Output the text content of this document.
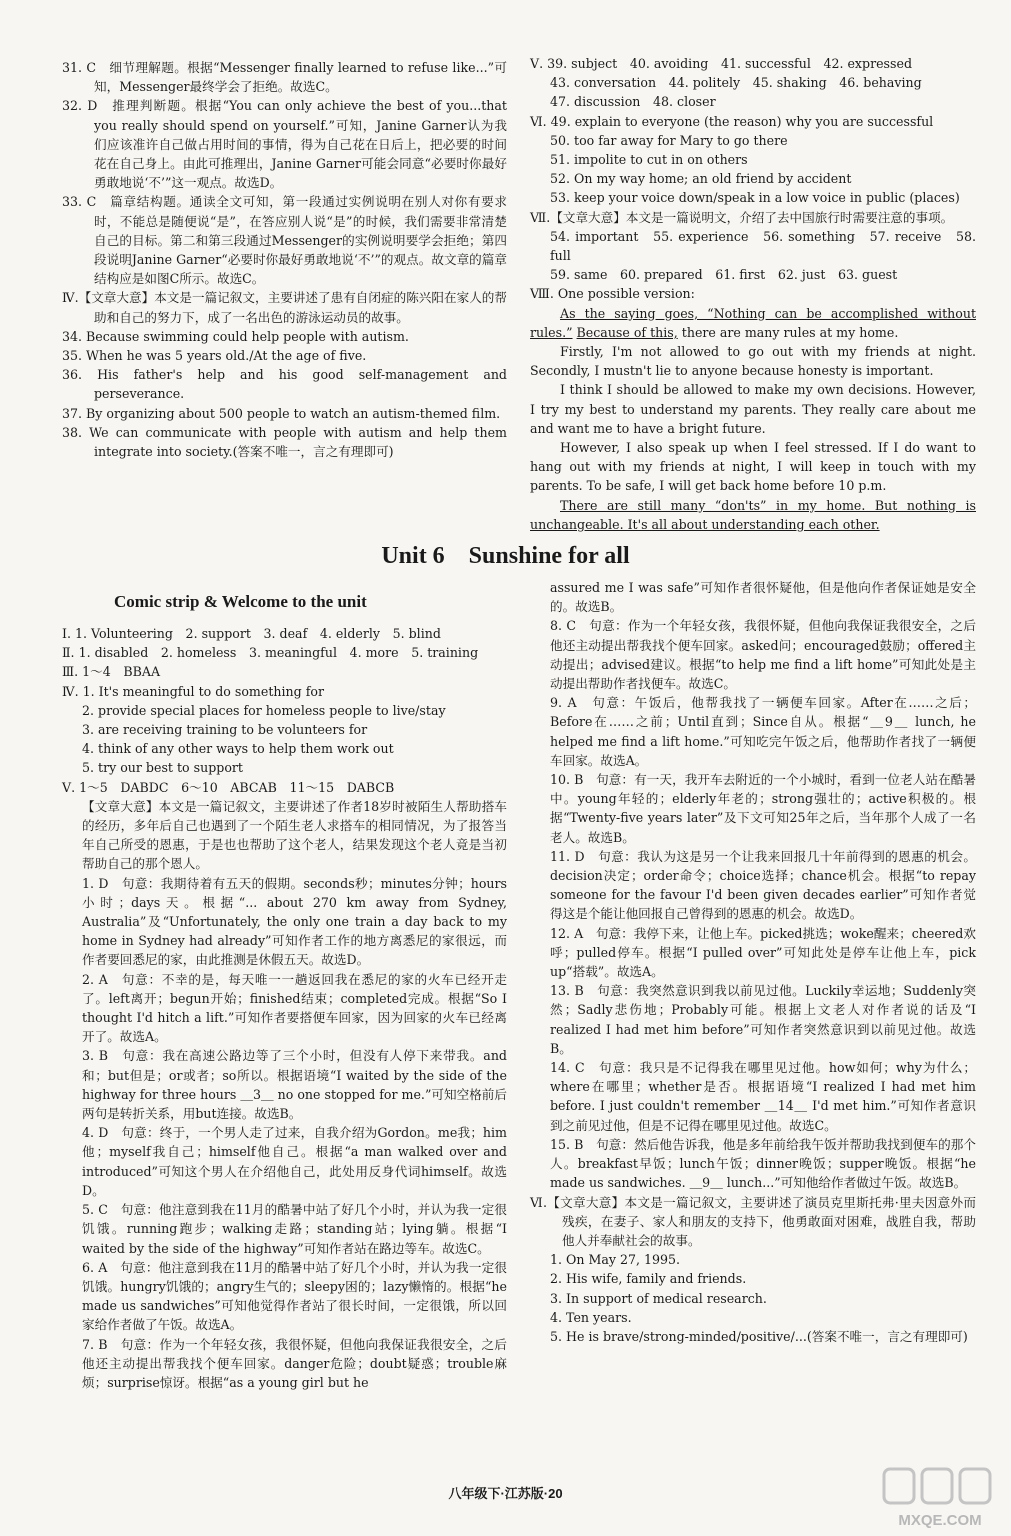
31. C　细节理解题。根据“Messenger finally learned to refuse like...”可知，Messenger最终学会了拒绝。故选C。

32. D　推理判断题。根据“You can only achieve the best of you...that you really should spend on yourself.”可知，Janine Garner认为我们应该准许自己做占用时间的事情，得为自己花在日后上，把必要的时间花在自己身上。由此可推理出，Janine Garner可能会同意“必要时你最好勇敢地说‘不’”这一观点。故选D。

33. C　篇章结构题。通读全文可知，第一段通过实例说明在别人对你有要求时，不能总是随便说“是”，在答应别人说“是”的时候，我们需要非常清楚自己的目标。第二和第三段通过Messenger的实例说明要学会拒绝；第四段说明Janine Garner“必要时你最好勇敢地说‘不’”的观点。故文章的篇章结构应是如图C所示。故选C。

Ⅳ.【文章大意】本文是一篇记叙文，主要讲述了患有自闭症的陈兴阳在家人的帮助和自己的努力下，成了一名出色的游泳运动员的故事。

34. Because swimming could help people with autism.

35. When he was 5 years old./At the age of five.

36. His father's help and his good self-management and perseverance.

37. By organizing about 500 people to watch an autism-themed film.

38. We can communicate with people with autism and help them integrate into society.(答案不唯一，言之有理即可)

Ⅴ. 39. subject　40. avoiding　41. successful　42. expressed

43. conversation　44. politely　45. shaking　46. behaving

47. discussion　48. closer

Ⅵ. 49. explain to everyone (the reason) why you are successful

50. too far away for Mary to go there

51. impolite to cut in on others

52. On my way home; an old friend by accident

53. keep your voice down/speak in a low voice in public (places)

Ⅶ.【文章大意】本文是一篇说明文，介绍了去中国旅行时需要注意的事项。

54. important　55. experience　56. something　57. receive　58. full

59. same　60. prepared　61. first　62. just　63. guest

Ⅷ. One possible version:

As the saying goes, “Nothing can be accomplished without rules.” Because of this, there are many rules at my home.

Firstly, I'm not allowed to go out with my friends at night. Secondly, I mustn't lie to anyone because honesty is important.

I think I should be allowed to make my own decisions. However, I try my best to understand my parents. They really care about me and want me to have a bright future.

However, I also speak up when I feel stressed. If I do want to hang out with my friends at night, I will keep in touch with my parents. To be safe, I will get back home before 10 p.m.

There are still many “don'ts” in my home. But nothing is unchangeable. It's all about understanding each other.

Unit 6　Sunshine for all
Comic strip & Welcome to the unit

Ⅰ. 1. Volunteering　2. support　3. deaf　4. elderly　5. blind

Ⅱ. 1. disabled　2. homeless　3. meaningful　4. more　5. training

Ⅲ. 1～4　BBAA

Ⅳ. 1. It's meaningful to do something for

2. provide special places for homeless people to live/stay

3. are receiving training to be volunteers for

4. think of any other ways to help them work out

5. try our best to support

Ⅴ. 1～5　DABDC　6～10　ABCAB　11～15　DABCB

【文章大意】本文是一篇记叙文，主要讲述了作者18岁时被陌生人帮助搭车的经历，多年后自己也遇到了一个陌生老人求搭车的相同情况，为了报答当年自己所受的恩惠，于是也也帮助了这个老人，结果发现这个老人竟是当初帮助自己的那个恩人。

1. D　句意：我期待着有五天的假期。seconds秒；minutes分钟；hours小时；days天。根据“... about 270 km away from Sydney, Australia”及“Unfortunately, the only one train a day back to my home in Sydney had already”可知作者工作的地方离悉尼的家很远，而作者要回悉尼的家，由此推测是休假五天。故选D。

2. A　句意：不幸的是，每天唯一一趟返回我在悉尼的家的火车已经开走了。left离开；begun开始；finished结束；completed完成。根据“So I thought I'd hitch a lift.”可知作者要搭便车回家，因为回家的火车已经离开了。故选A。

3. B　句意：我在高速公路边等了三个小时，但没有人停下来带我。and和；but但是；or或者；so所以。根据语境“I waited by the side of the highway for three hours ＿3＿ no one stopped for me.”可知空格前后两句是转折关系，用but连接。故选B。

4. D　句意：终于，一个男人走了过来，自我介绍为Gordon。me我；him他；myself我自己；himself他自己。根据“a man walked over and introduced”可知这个男人在介绍他自己，此处用反身代词himself。故选D。

5. C　句意：他注意到我在11月的酷暑中站了好几个小时，并认为我一定很饥饿。running跑步；walking走路；standing站；lying躺。根据“I waited by the side of the highway”可知作者站在路边等车。故选C。

6. A　句意：他注意到我在11月的酷暑中站了好几个小时，并认为我一定很饥饿。hungry饥饿的；angry生气的；sleepy困的；lazy懒惰的。根据“he made us sandwiches”可知他觉得作者站了很长时间，一定很饿，所以回家给作者做了午饭。故选A。

7. B　句意：作为一个年轻女孩，我很怀疑，但他向我保证我很安全，之后他还主动提出帮我找个便车回家。danger危险；doubt疑惑；trouble麻烦；surprise惊讶。根据“as a young girl but he

assured me I was safe”可知作者很怀疑他，但是他向作者保证她是安全的。故选B。

8. C　句意：作为一个年轻女孩，我很怀疑，但他向我保证我很安全，之后他还主动提出帮我找个便车回家。asked问；encouraged鼓励；offered主动提出；advised建议。根据“to help me find a lift home”可知此处是主动提出帮助作者找便车。故选C。

9. A　句意：午饭后，他帮我找了一辆便车回家。After在……之后；Before在……之前；Until直到；Since自从。根据“＿9＿ lunch, he helped me find a lift home.”可知吃完午饭之后，他帮助作者找了一辆便车回家。故选A。

10. B　句意：有一天，我开车去附近的一个小城时，看到一位老人站在酷暑中。young年轻的；elderly年老的；strong强壮的；active积极的。根据“Twenty-five years later”及下文可知25年之后，当年那个人成了一名老人。故选B。

11. D　句意：我认为这是另一个让我来回报几十年前得到的恩惠的机会。decision决定；order命令；choice选择；chance机会。根据“to repay someone for the favour I'd been given decades earlier”可知作者觉得这是个能让他回报自己曾得到的恩惠的机会。故选D。

12. A　句意：我停下来，让他上车。picked挑选；woke醒来；cheered欢呼；pulled停车。根据“I pulled over”可知此处是停车让他上车，pick up“搭载”。故选A。

13. B　句意：我突然意识到我以前见过他。Luckily幸运地；Suddenly突然；Sadly悲伤地；Probably可能。根据上文老人对作者说的话及“I realized I had met him before”可知作者突然意识到以前见过他。故选B。

14. C　句意：我只是不记得我在哪里见过他。how如何；why为什么；where在哪里；whether是否。根据语境“I realized I had met him before. I just couldn't remember ＿14＿ I'd met him.”可知作者意识到之前见过他，但是不记得在哪里见过他。故选C。

15. B　句意：然后他告诉我，他是多年前给我午饭并帮助我找到便车的那个人。breakfast早饭；lunch午饭；dinner晚饭；supper晚饭。根据“he made us sandwiches. ＿9＿ lunch...”可知他给作者做过午饭。故选B。

Ⅵ.【文章大意】本文是一篇记叙文，主要讲述了演员克里斯托弗·里夫因意外而残疾，在妻子、家人和朋友的支持下，他勇敢面对困难，战胜自我，帮助他人并奉献社会的故事。

1. On May 27, 1995.

2. His wife, family and friends.

3. In support of medical research.

4. Ten years.

5. He is brave/strong-minded/positive/...(答案不唯一，言之有理即可)

八年级下·江苏版·20

MXQE.COM
